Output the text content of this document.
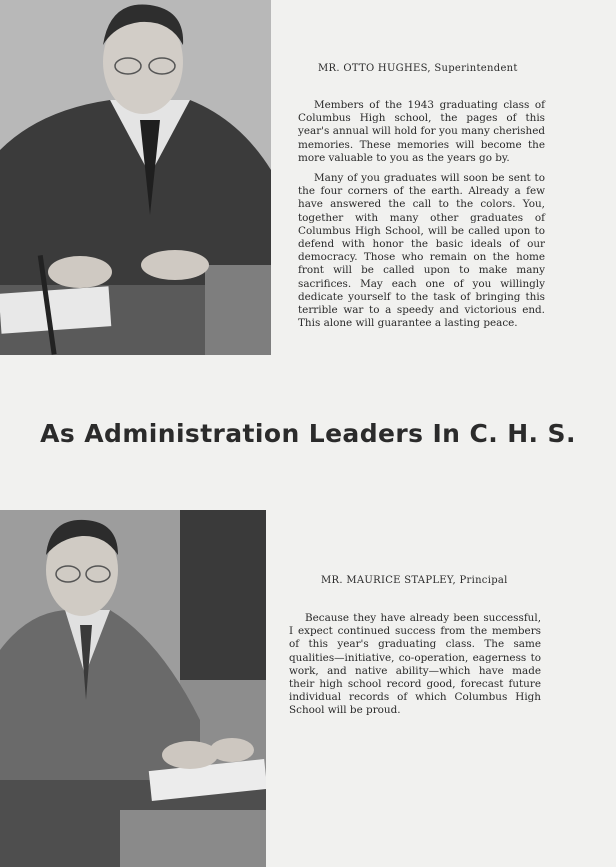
MR. OTTO HUGHES, Superintendent

Members of the 1943 graduating class of Columbus High school, the pages of this year's annual will hold for you many cherished memories. These memories will become the more valuable to you as the years go by.

Many of you graduates will soon be sent to the four corners of the earth. Already a few have answered the call to the colors. You, together with many other graduates of Columbus High School, will be called upon to defend with honor the basic ideals of our democracy. Those who remain on the home front will be called upon to make many sacrifices. May each one of you willingly dedicate yourself to the task of bringing this terrible war to a speedy and victorious end. This alone will guarantee a lasting peace.

As Administration Leaders In C. H. S.
MR. MAURICE STAPLEY, Principal

Because they have already been successful, I expect continued success from the members of this year's graduating class. The same qualities—initiative, co-operation, eagerness to work, and native ability—which have made their high school record good, forecast future individual records of which Columbus High School will be proud.
